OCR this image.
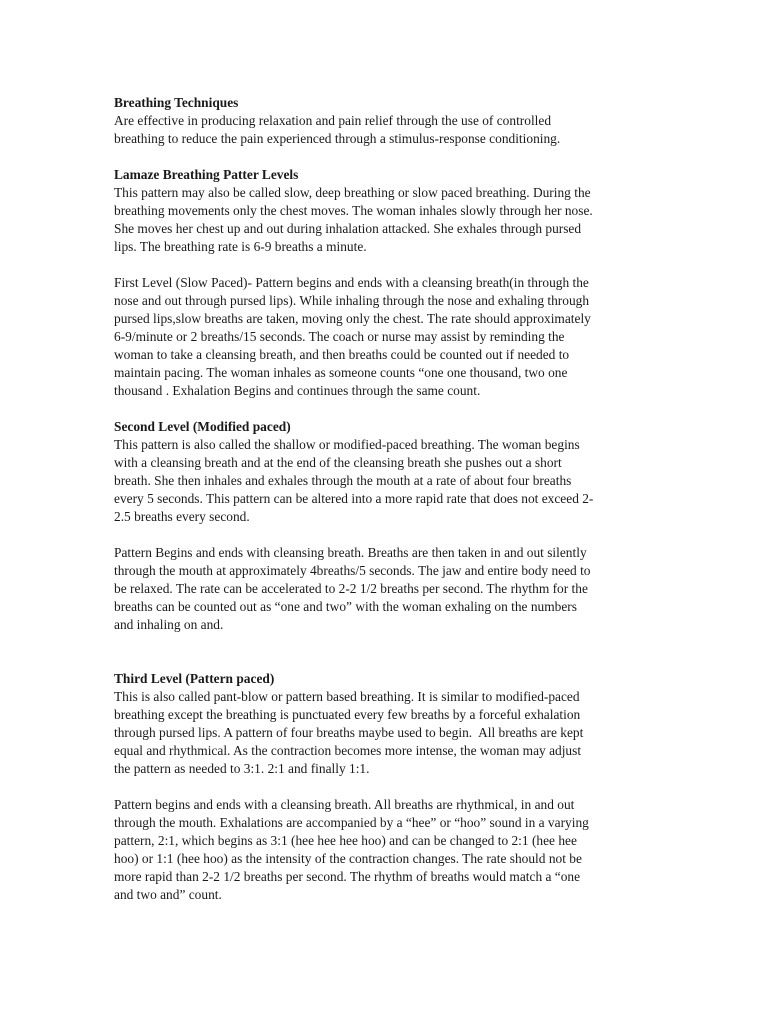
Breathing Techniques

Are effective in producing relaxation and pain relief through the use of controlled
breathing to reduce the pain experienced through a stimulus-response conditioning.

Lamaze Breathing Patter Levels

This pattern may also be called slow, deep breathing or slow paced breathing. During the
breathing movements only the chest moves. The woman inhales slowly through her nose.
She moves her chest up and out during inhalation attacked. She exhales through pursed
lips. The breathing rate is 6-9 breaths a minute.

First Level (Slow Paced)- Pattern begins and ends with a cleansing breath(in through the
nose and out through pursed lips). While inhaling through the nose and exhaling through
pursed lips,slow breaths are taken, moving only the chest. The rate should approximately
6-9/minute or 2 breaths/15 seconds. The coach or nurse may assist by reminding the
woman to take a cleansing breath, and then breaths could be counted out if needed to
maintain pacing. The woman inhales as someone counts “one one thousand, two one
thousand . Exhalation Begins and continues through the same count.

Second Level (Modified paced)

This pattern is also called the shallow or modified-paced breathing. The woman begins
with a cleansing breath and at the end of the cleansing breath she pushes out a short
breath. She then inhales and exhales through the mouth at a rate of about four breaths
every 5 seconds. This pattern can be altered into a more rapid rate that does not exceed 2-
2.5 breaths every second.

Pattern Begins and ends with cleansing breath. Breaths are then taken in and out silently
through the mouth at approximately 4breaths/5 seconds. The jaw and entire body need to
be relaxed. The rate can be accelerated to 2-2 1/2 breaths per second. The rhythm for the
breaths can be counted out as “one and two” with the woman exhaling on the numbers
and inhaling on and.

Third Level (Pattern paced)

This is also called pant-blow or pattern based breathing. It is similar to modified-paced
breathing except the breathing is punctuated every few breaths by a forceful exhalation
through pursed lips. A pattern of four breaths maybe used to begin.  All breaths are kept
equal and rhythmical. As the contraction becomes more intense, the woman may adjust
the pattern as needed to 3:1. 2:1 and finally 1:1.

Pattern begins and ends with a cleansing breath. All breaths are rhythmical, in and out
through the mouth. Exhalations are accompanied by a “hee” or “hoo” sound in a varying
pattern, 2:1, which begins as 3:1 (hee hee hee hoo) and can be changed to 2:1 (hee hee
hoo) or 1:1 (hee hoo) as the intensity of the contraction changes. The rate should not be
more rapid than 2-2 1/2 breaths per second. The rhythm of breaths would match a “one
and two and” count.
